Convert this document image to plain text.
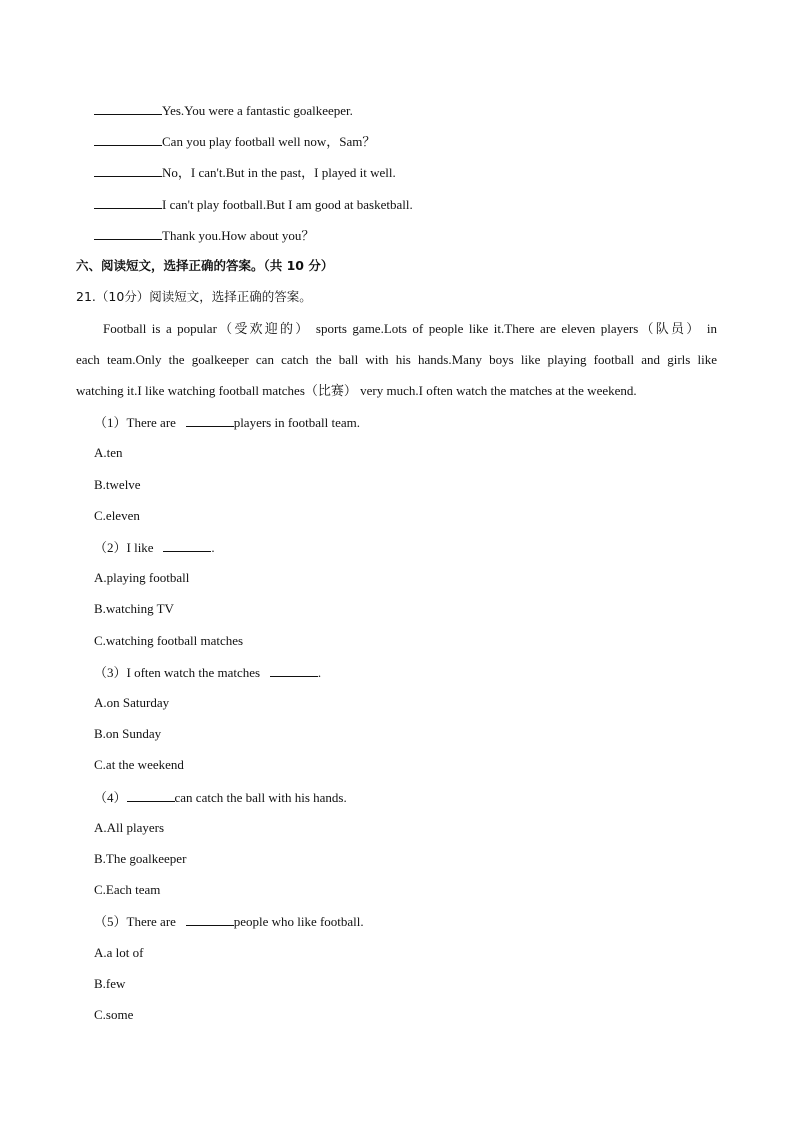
Yes.You were a fantastic goalkeeper.
Can you play football well now，Sam？
No，I can't.But in the past，I played it well.
I can't play football.But I am good at basketball.
Thank you.How about you？
六、阅读短文，选择正确的答案。（共 10 分）
21.（10分）阅读短文，选择正确的答案。
Football is a popular（受欢迎的） sports game.Lots of people like it.There are eleven players（队员） in
each team.Only the goalkeeper can catch the ball with his hands.Many boys like playing football and girls like
watching it.I like watching football matches（比赛） very much.I often watch the matches at the weekend.
（1）There are	players in football team.
A.ten
B.twelve
C.eleven
（2）I like	.
A.playing football
B.watching TV
C.watching football matches
（3）I often watch the matches	.
A.on Saturday
B.on Sunday
C.at the weekend
（4）	can catch the ball with his hands.
A.All players
B.The goalkeeper
C.Each team
（5）There are	people who like football.
A.a lot of
B.few
C.some
